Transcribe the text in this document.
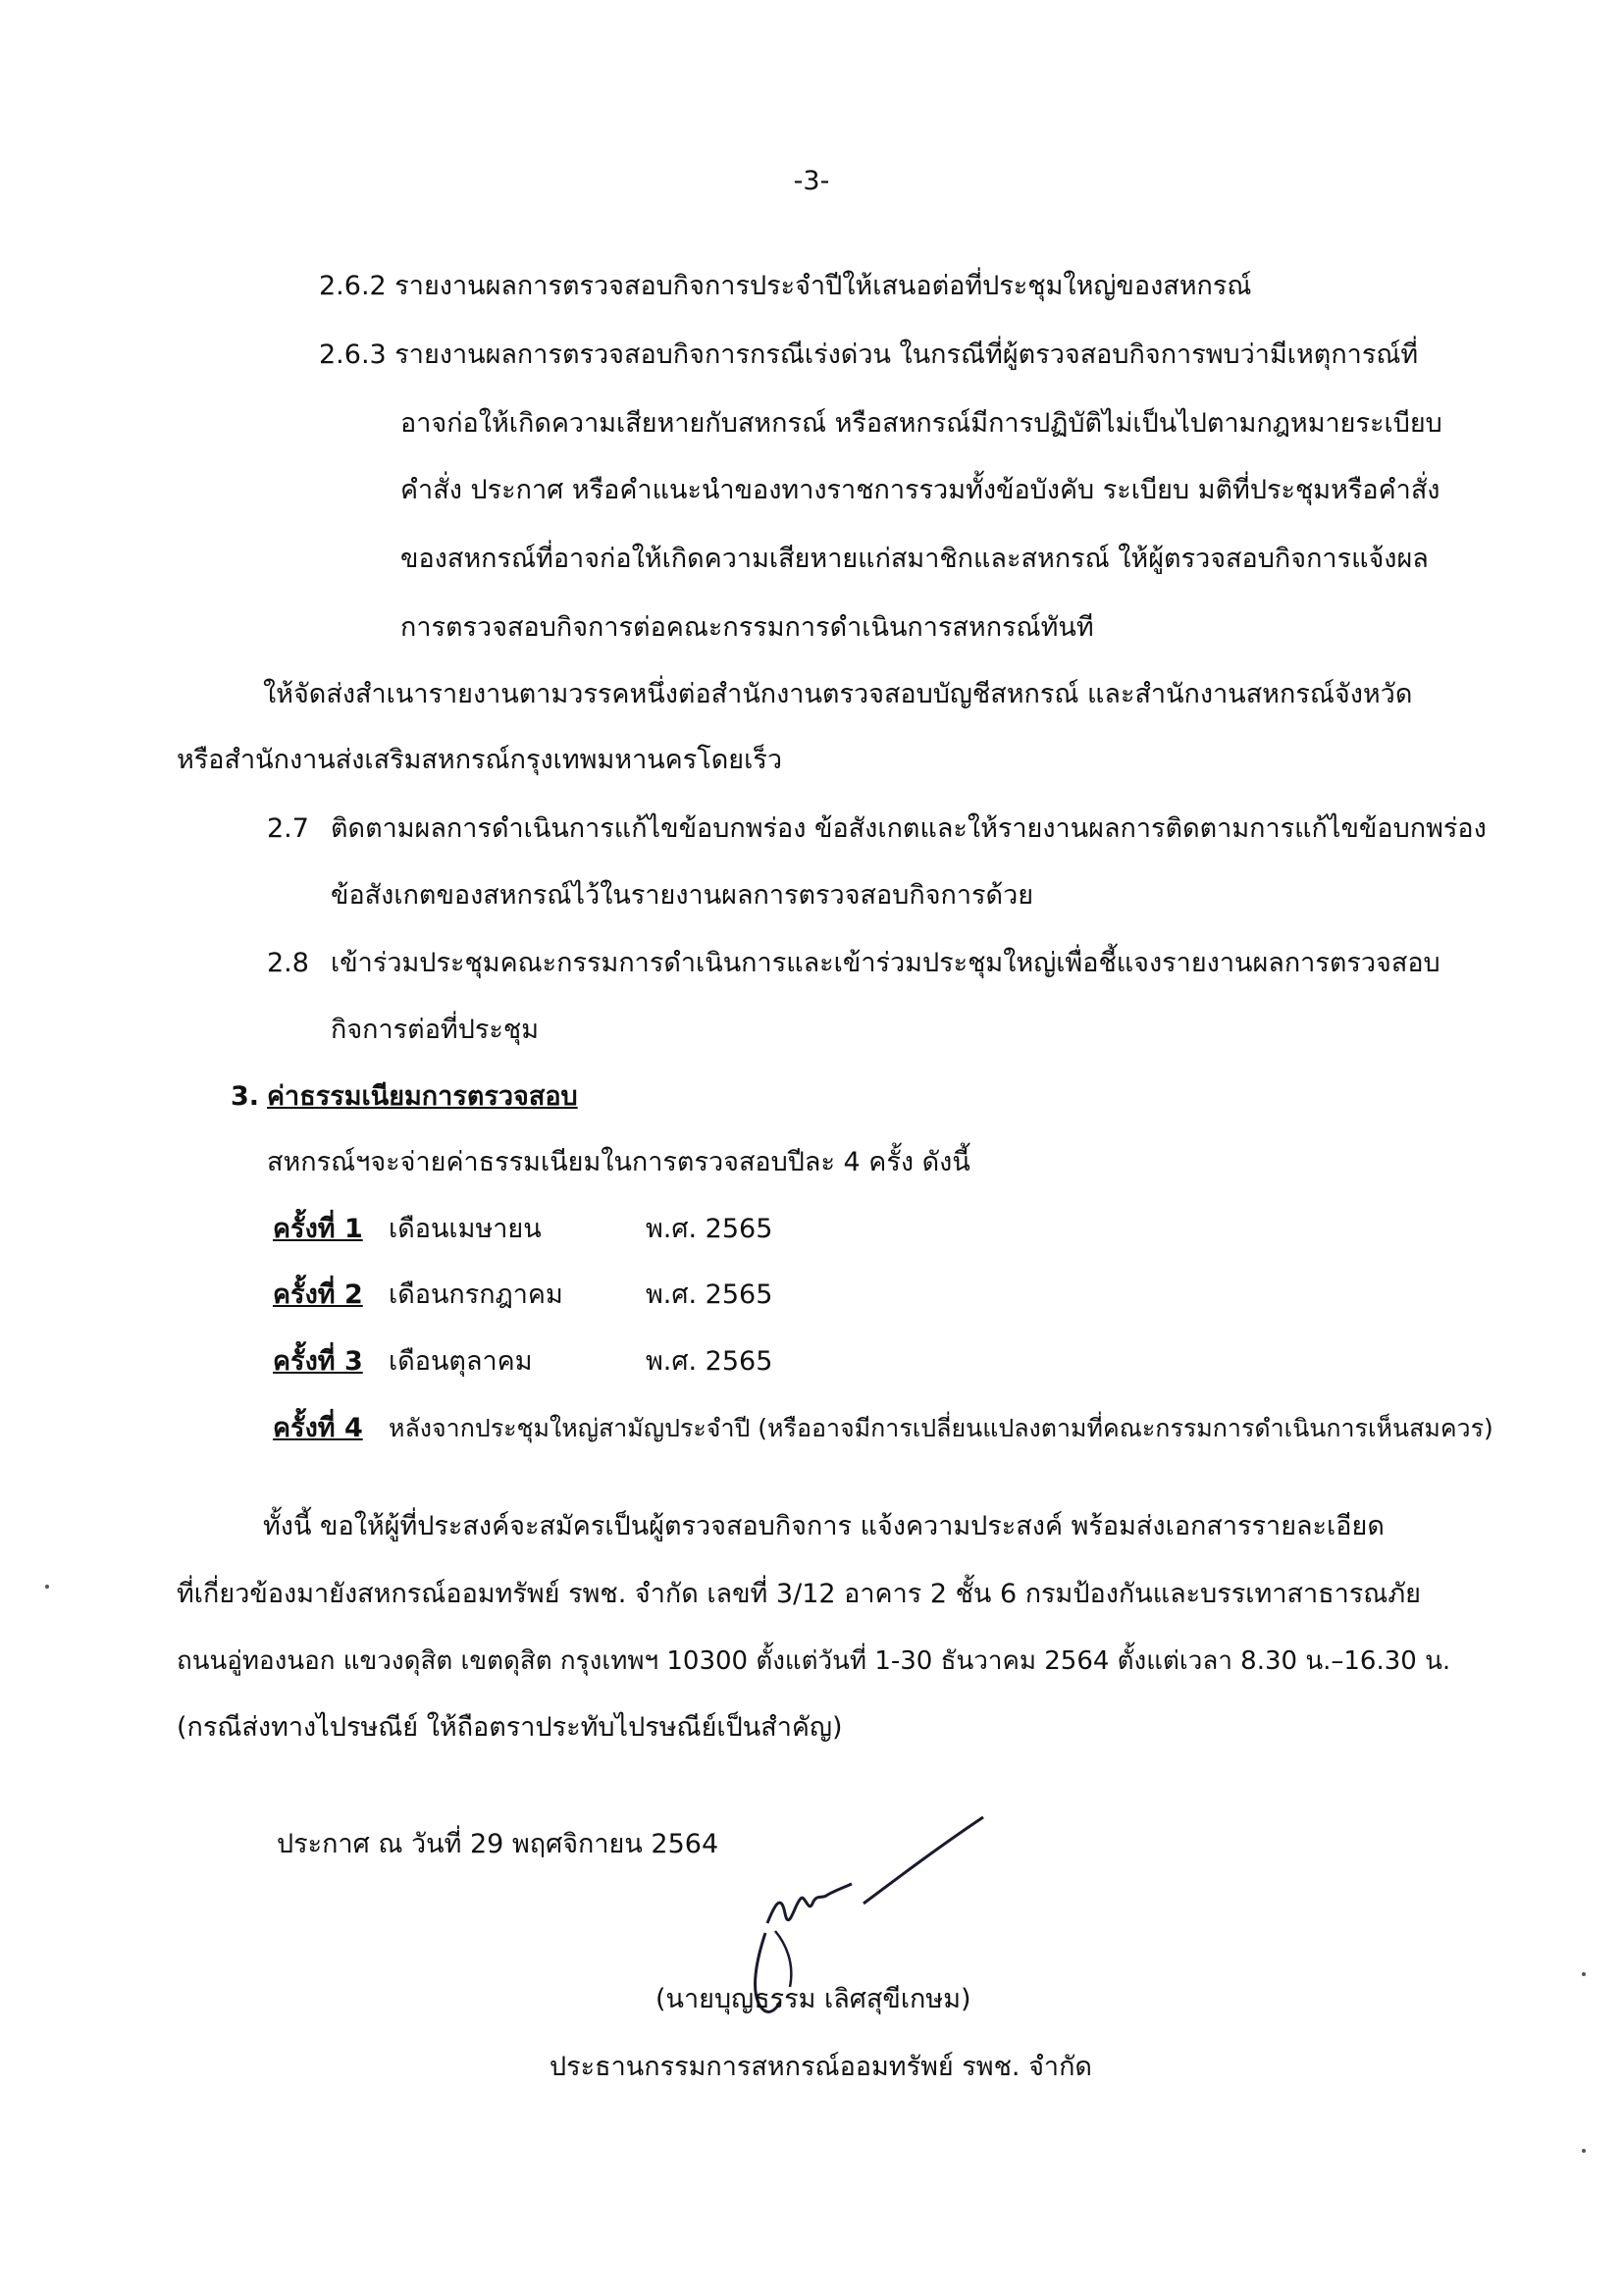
-3-
2.6.2 รายงานผลการตรวจสอบกิจการประจำปีให้เสนอต่อที่ประชุมใหญ่ของสหกรณ์
2.6.3 รายงานผลการตรวจสอบกิจการกรณีเร่งด่วน ในกรณีที่ผู้ตรวจสอบกิจการพบว่ามีเหตุการณ์ที่
อาจก่อให้เกิดความเสียหายกับสหกรณ์ หรือสหกรณ์มีการปฏิบัติไม่เป็นไปตามกฎหมายระเบียบ
คำสั่ง ประกาศ หรือคำแนะนำของทางราชการรวมทั้งข้อบังคับ ระเบียบ มติที่ประชุมหรือคำสั่ง
ของสหกรณ์ที่อาจก่อให้เกิดความเสียหายแก่สมาชิกและสหกรณ์ ให้ผู้ตรวจสอบกิจการแจ้งผล
การตรวจสอบกิจการต่อคณะกรรมการดำเนินการสหกรณ์ทันที
ให้จัดส่งสำเนารายงานตามวรรคหนึ่งต่อสำนักงานตรวจสอบบัญชีสหกรณ์ และสำนักงานสหกรณ์จังหวัด
หรือสำนักงานส่งเสริมสหกรณ์กรุงเทพมหานครโดยเร็ว
2.7 ติดตามผลการดำเนินการแก้ไขข้อบกพร่อง ข้อสังเกตและให้รายงานผลการติดตามการแก้ไขข้อบกพร่อง
ข้อสังเกตของสหกรณ์ไว้ในรายงานผลการตรวจสอบกิจการด้วย
2.8 เข้าร่วมประชุมคณะกรรมการดำเนินการและเข้าร่วมประชุมใหญ่เพื่อชี้แจงรายงานผลการตรวจสอบ
กิจการต่อที่ประชุม
3. ค่าธรรมเนียมการตรวจสอบ
สหกรณ์ฯจะจ่ายค่าธรรมเนียมในการตรวจสอบปีละ 4 ครั้ง ดังนี้
ครั้งที่ 1 เดือนเมษายน	พ.ศ. 2565
ครั้งที่ 2 เดือนกรกฎาคม	พ.ศ. 2565
ครั้งที่ 3 เดือนตุลาคม	พ.ศ. 2565
ครั้งที่ 4 หลังจากประชุมใหญ่สามัญประจำปี (หรืออาจมีการเปลี่ยนแปลงตามที่คณะกรรมการดำเนินการเห็นสมควร)
ทั้งนี้ ขอให้ผู้ที่ประสงค์จะสมัครเป็นผู้ตรวจสอบกิจการ แจ้งความประสงค์ พร้อมส่งเอกสารรายละเอียด
ที่เกี่ยวข้องมายังสหกรณ์ออมทรัพย์ รพช. จำกัด เลขที่ 3/12 อาคาร 2 ชั้น 6 กรมป้องกันและบรรเทาสาธารณภัย
ถนนอู่ทองนอก แขวงดุสิต เขตดุสิต กรุงเทพฯ 10300 ตั้งแต่วันที่ 1-30 ธันวาคม 2564 ตั้งแต่เวลา 8.30 น.–16.30 น.
(กรณีส่งทางไปรษณีย์ ให้ถือตราประทับไปรษณีย์เป็นสำคัญ)
ประกาศ ณ วันที่ 29 พฤศจิกายน 2564
(นายบุญธรรม เลิศสุขีเกษม)
ประธานกรรมการสหกรณ์ออมทรัพย์ รพช. จำกัด
